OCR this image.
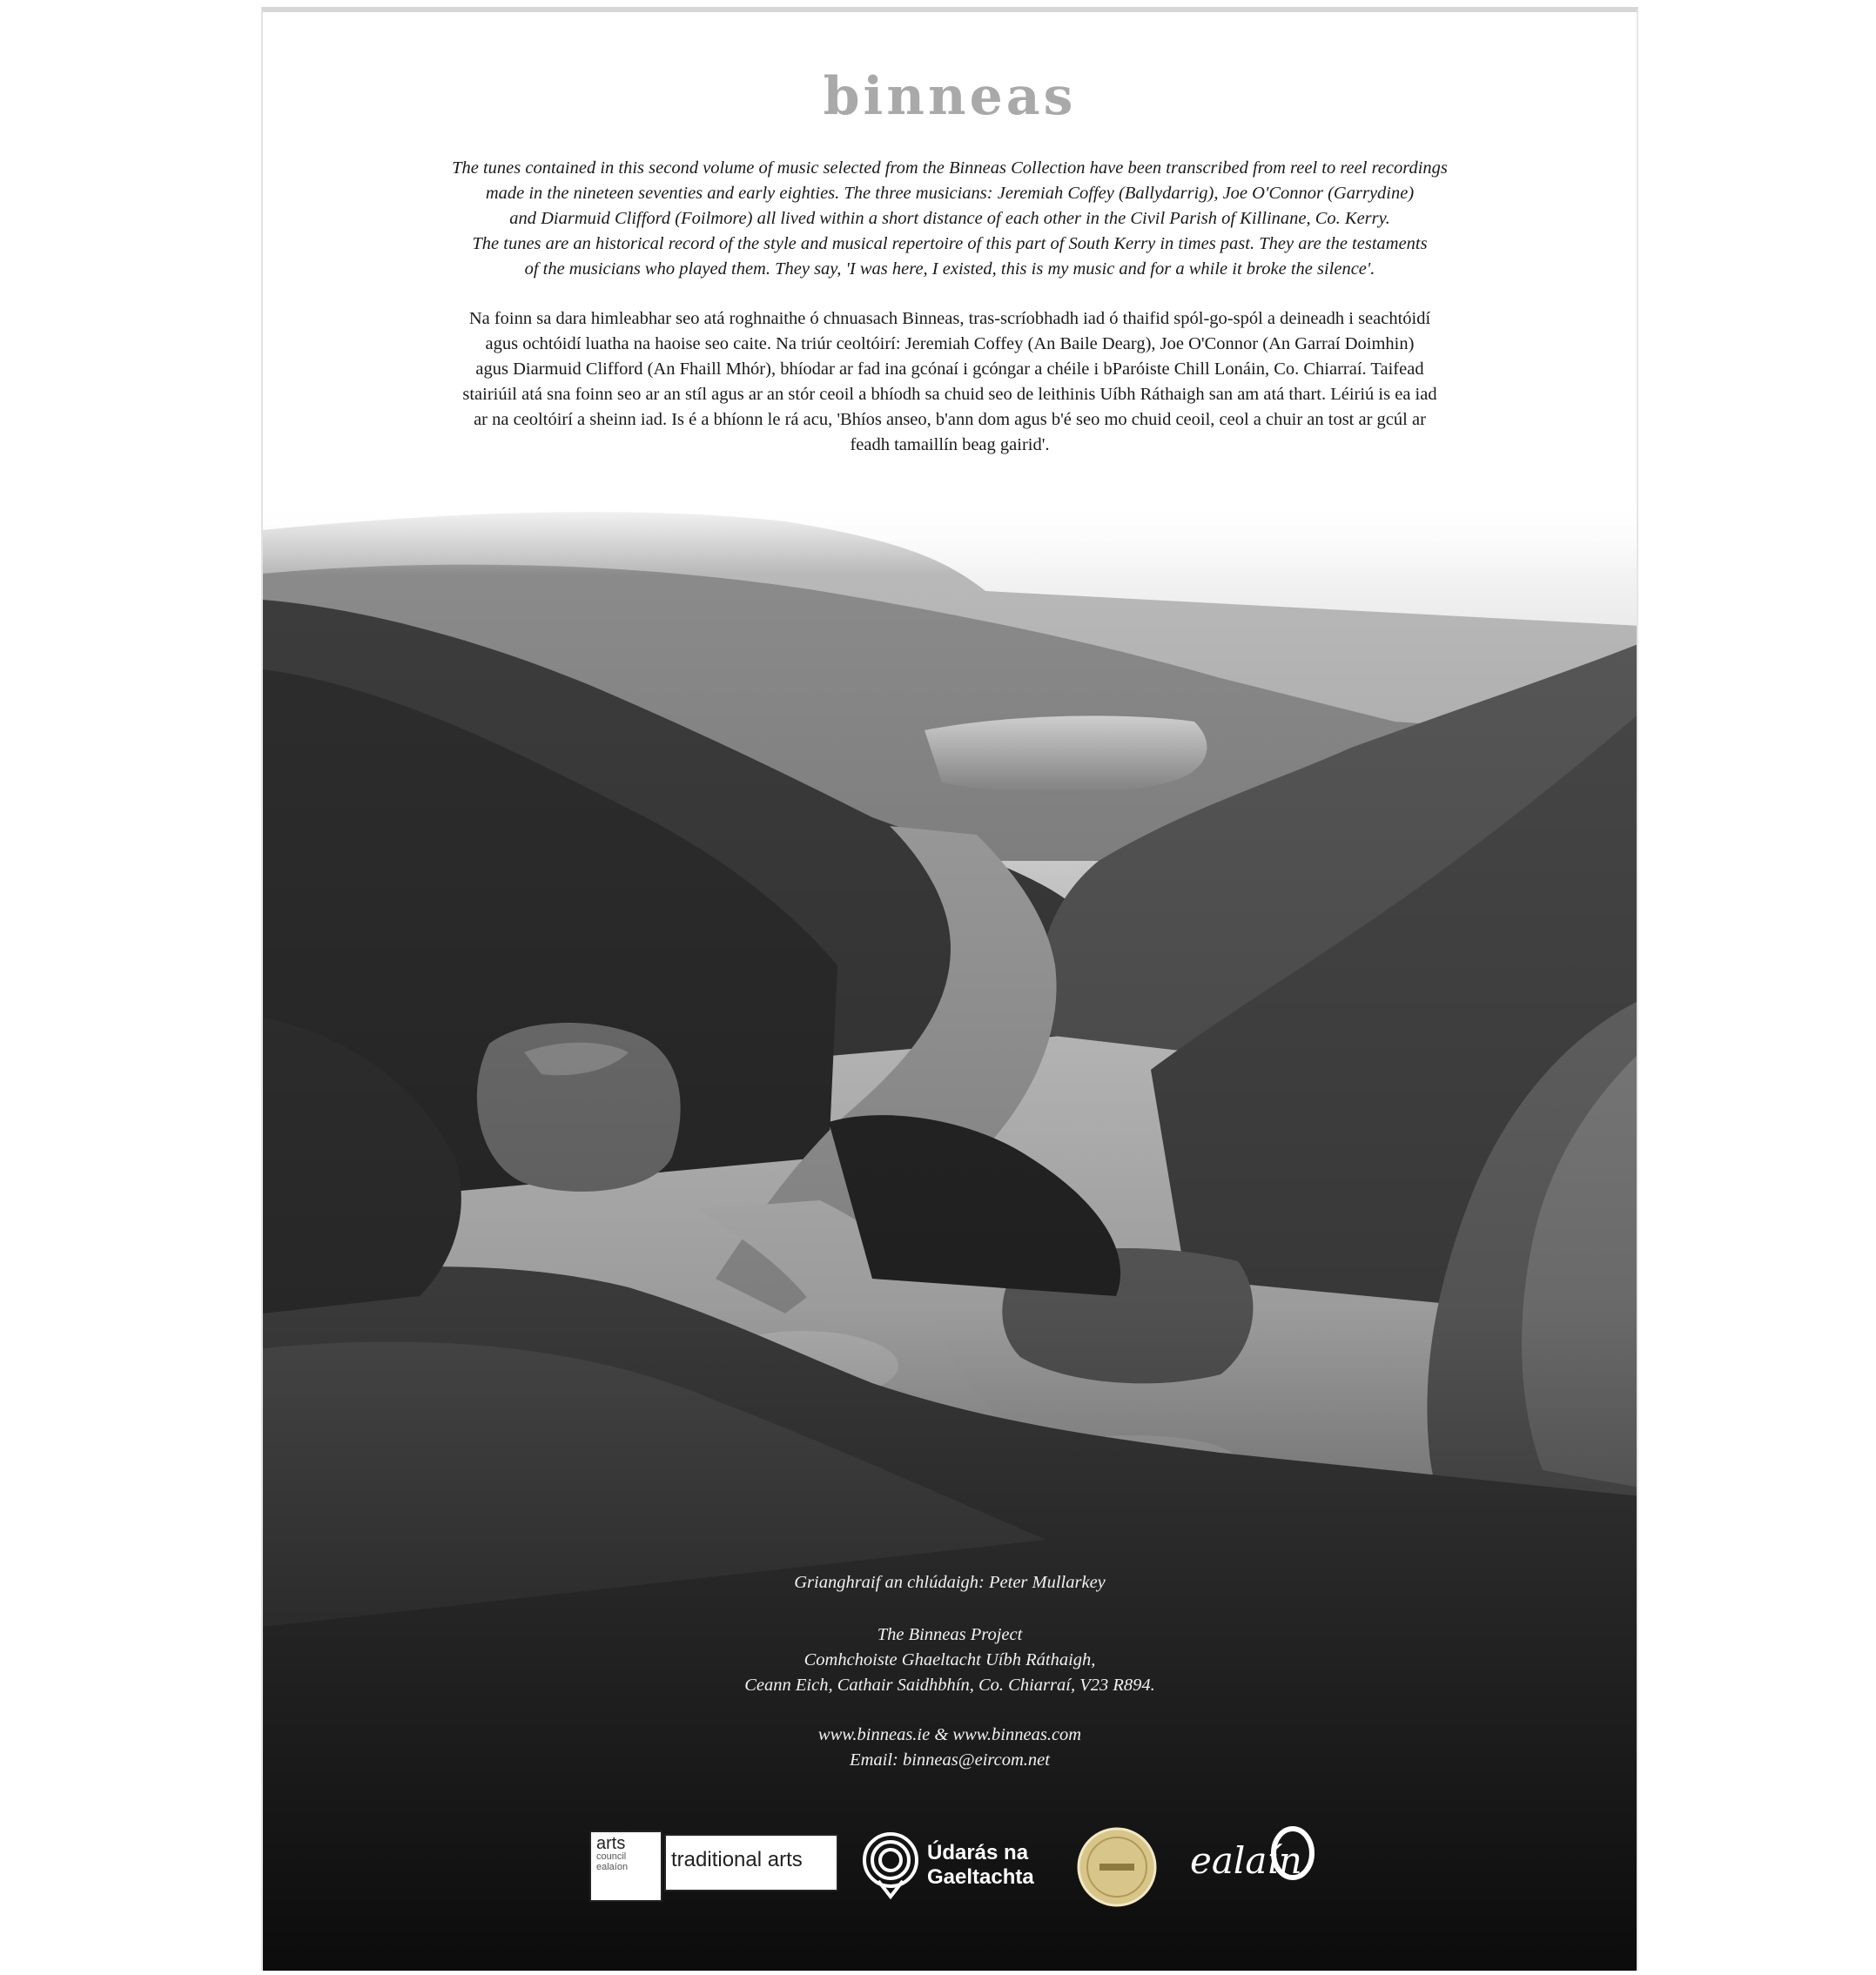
binneas

The tunes contained in this second volume of music selected from the Binneas Collection have been transcribed from reel to reel recordings

made in the nineteen seventies and early eighties. The three musicians: Jeremiah Coffey (Ballydarrig), Joe O'Connor (Garrydine)

and Diarmuid Clifford (Foilmore) all lived within a short distance of each other in the Civil Parish of Killinane, Co. Kerry.

The tunes are an historical record of the style and musical repertoire of this part of South Kerry in times past. They are the testaments

of the musicians who played them. They say, 'I was here, I existed, this is my music and for a while it broke the silence'.

Na foinn sa dara himleabhar seo atá roghnaithe ó chnuasach Binneas, tras-scríobhadh iad ó thaifid spól-go-spól a deineadh i seachtóidí

agus ochtóidí luatha na haoise seo caite. Na triúr ceoltóirí: Jeremiah Coffey (An Baile Dearg), Joe O'Connor (An Garraí Doimhin)

agus Diarmuid Clifford (An Fhaill Mhór), bhíodar ar fad ina gcónaí i gcóngar a chéile i bParóiste Chill Lonáin, Co. Chiarraí. Taifead

stairiúil atá sna foinn seo ar an stíl agus ar an stór ceoil a bhíodh sa chuid seo de leithinis Uíbh Ráthaigh san am atá thart. Léiriú is ea iad

ar na ceoltóirí a sheinn iad. Is é a bhíonn le rá acu, 'Bhíos anseo, b'ann dom agus b'é seo mo chuid ceoil, ceol a chuir an tost ar gcúl ar

feadh tamaillín beag gairid'.

Grianghraif an chlúdaigh: Peter Mullarkey

The Binneas Project

Comhchoiste Ghaeltacht Uíbh Ráthaigh,

Ceann Eich, Cathair Saidhbhín, Co. Chiarraí, V23 R894.

www.binneas.ie & www.binneas.com

Email: binneas@eircom.net

arts
council
ealaíon	traditional arts	Údarás na
Gaeltachta	ealaín
